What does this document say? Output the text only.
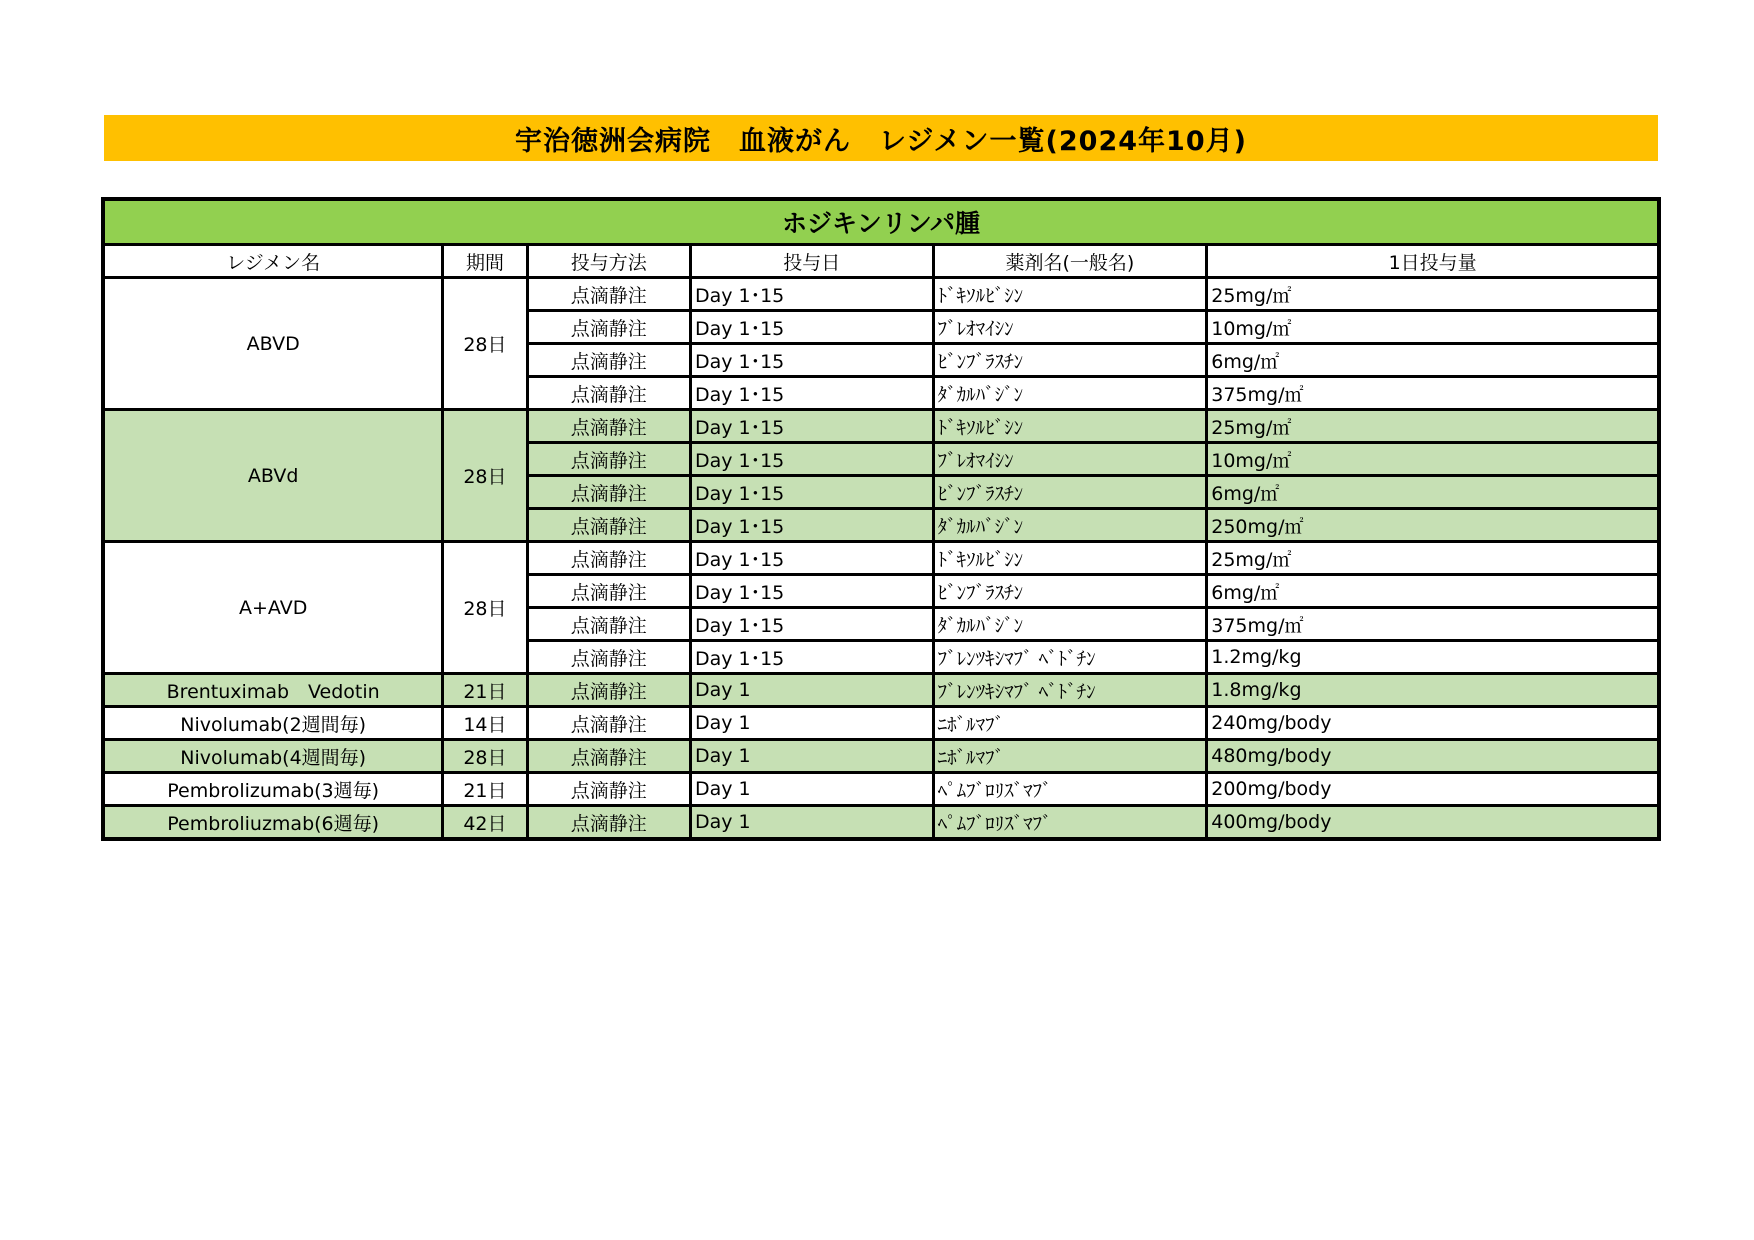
宇治徳洲会病院　血液がん　レジメン一覧(2024年10月)
ホジキンリンパ腫					
レジメン名	期間	投与方法	投与日	薬剤名(一般名)	1日投与量
ABVD	28日	点滴静注	Day 1･15	ﾄﾞｷｿﾙﾋﾞｼﾝ	25mg/㎡
		点滴静注	Day 1･15	ﾌﾞﾚｵﾏｲｼﾝ	10mg/㎡
		点滴静注	Day 1･15	ﾋﾞﾝﾌﾞﾗｽﾁﾝ	6mg/㎡
		点滴静注	Day 1･15	ﾀﾞｶﾙﾊﾞｼﾞﾝ	375mg/㎡
ABVd	28日	点滴静注	Day 1･15	ﾄﾞｷｿﾙﾋﾞｼﾝ	25mg/㎡
		点滴静注	Day 1･15	ﾌﾞﾚｵﾏｲｼﾝ	10mg/㎡
		点滴静注	Day 1･15	ﾋﾞﾝﾌﾞﾗｽﾁﾝ	6mg/㎡
		点滴静注	Day 1･15	ﾀﾞｶﾙﾊﾞｼﾞﾝ	250mg/㎡
A+AVD	28日	点滴静注	Day 1･15	ﾄﾞｷｿﾙﾋﾞｼﾝ	25mg/㎡
		点滴静注	Day 1･15	ﾋﾞﾝﾌﾞﾗｽﾁﾝ	6mg/㎡
		点滴静注	Day 1･15	ﾀﾞｶﾙﾊﾞｼﾞﾝ	375mg/㎡
		点滴静注	Day 1･15	ﾌﾞﾚﾝﾂｷｼﾏﾌﾞ ﾍﾞﾄﾞﾁﾝ	1.2mg/kg
Brentuximab　Vedotin	21日	点滴静注	Day 1	ﾌﾞﾚﾝﾂｷｼﾏﾌﾞ ﾍﾞﾄﾞﾁﾝ	1.8mg/kg
Nivolumab(2週間毎)	14日	点滴静注	Day 1	ﾆﾎﾞﾙﾏﾌﾞ	240mg/body
Nivolumab(4週間毎)	28日	点滴静注	Day 1	ﾆﾎﾞﾙﾏﾌﾞ	480mg/body
Pembrolizumab(3週毎)	21日	点滴静注	Day 1	ﾍﾟﾑﾌﾞﾛﾘｽﾞﾏﾌﾞ	200mg/body
Pembroliuzmab(6週毎)	42日	点滴静注	Day 1	ﾍﾟﾑﾌﾞﾛﾘｽﾞﾏﾌﾞ	400mg/body
